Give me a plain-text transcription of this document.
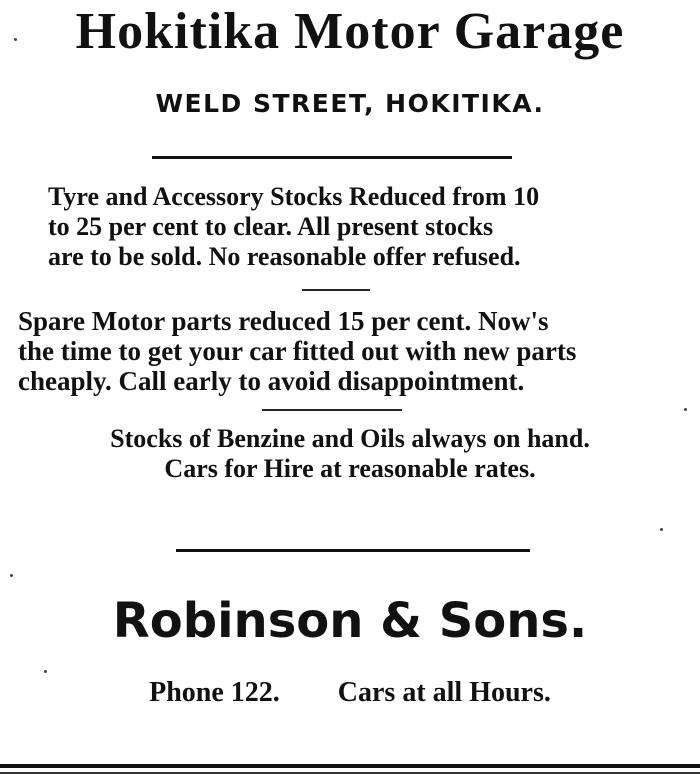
Hokitika Motor Garage
WELD STREET, HOKITIKA.
Tyre and Accessory Stocks Reduced from 10
to 25 per cent to clear. All present stocks
are to be sold. No reasonable offer refused.
Spare Motor parts reduced 15 per cent. Now's
the time to get your car fitted out with new parts
cheaply. Call early to avoid disappointment.
Stocks of Benzine and Oils always on hand.
Cars for Hire at reasonable rates.
Robinson & Sons.
Phone 122. Cars at all Hours.
